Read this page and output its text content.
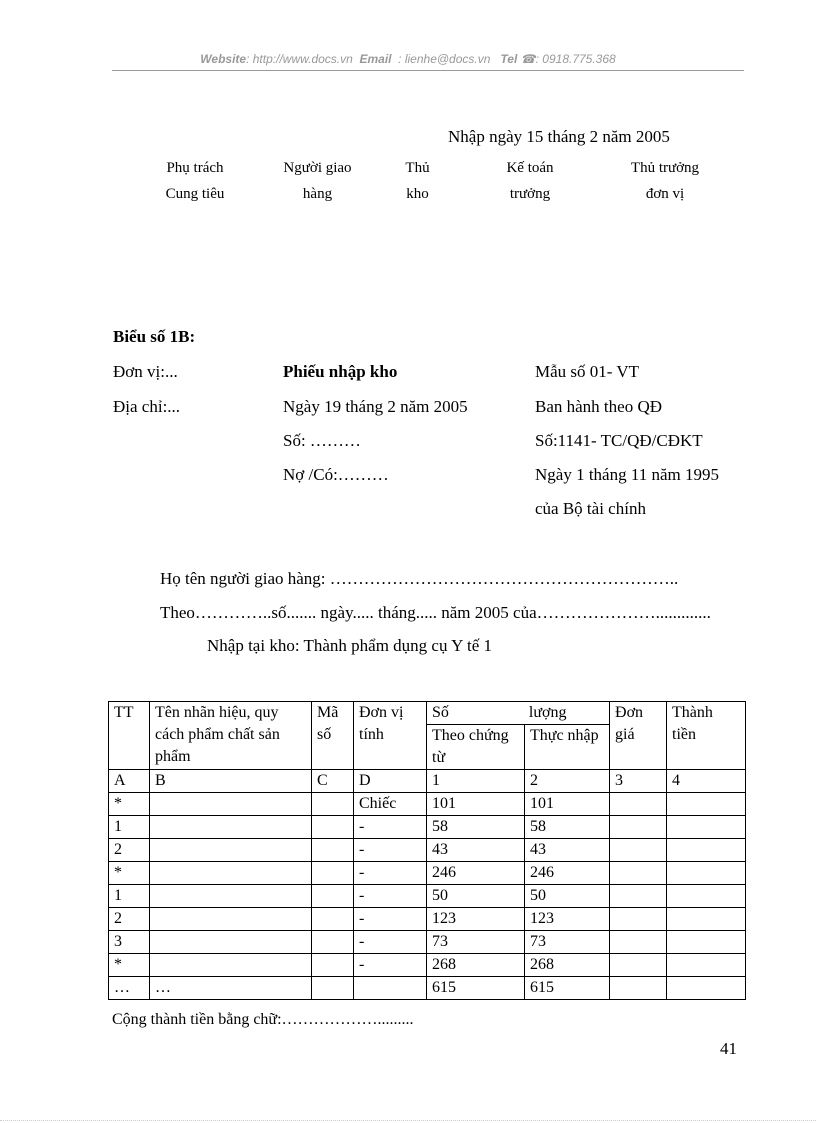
Website: http://www.docs.vn Email : lienhe@docs.vn Tel ☎: 0918.775.368
Nhập ngày 15 tháng 2 năm 2005
Phụ trách
Cung tiêu
Người giao
hàng
Thủ
kho
Kế toán
trưởng
Thủ trưởng
đơn vị
Biểu số 1B:
Đơn vị:...
Địa chỉ:...
Phiếu nhập kho
Ngày 19 tháng 2 năm 2005
Số: ………
Nợ /Có:………
Mẫu số 01- VT
Ban hành theo QĐ
Số:1141- TC/QĐ/CĐKT
Ngày 1 tháng 11 năm 1995
của Bộ tài chính
Họ tên người giao hàng: ……………………………………………………..
Theo…………..số....... ngày..... tháng..... năm 2005 của………………….............
Nhập tại kho: Thành phẩm dụng cụ Y tế 1
TT	Tên nhãn hiệu, quy cách phẩm chất sản phẩm	Mã số	Đơn vị tính	Số lượng		Đơn giá	Thành tiền
				Theo chứng từ	Thực nhập		
A	B	C	D	1	2	3	4
*			Chiếc	101	101		
1			-	58	58		
2			-	43	43		
*			-	246	246		
1			-	50	50		
2			-	123	123		
3			-	73	73		
*			-	268	268		
…	…			615	615		
Cộng thành tiền bằng chữ:……………….........
41
